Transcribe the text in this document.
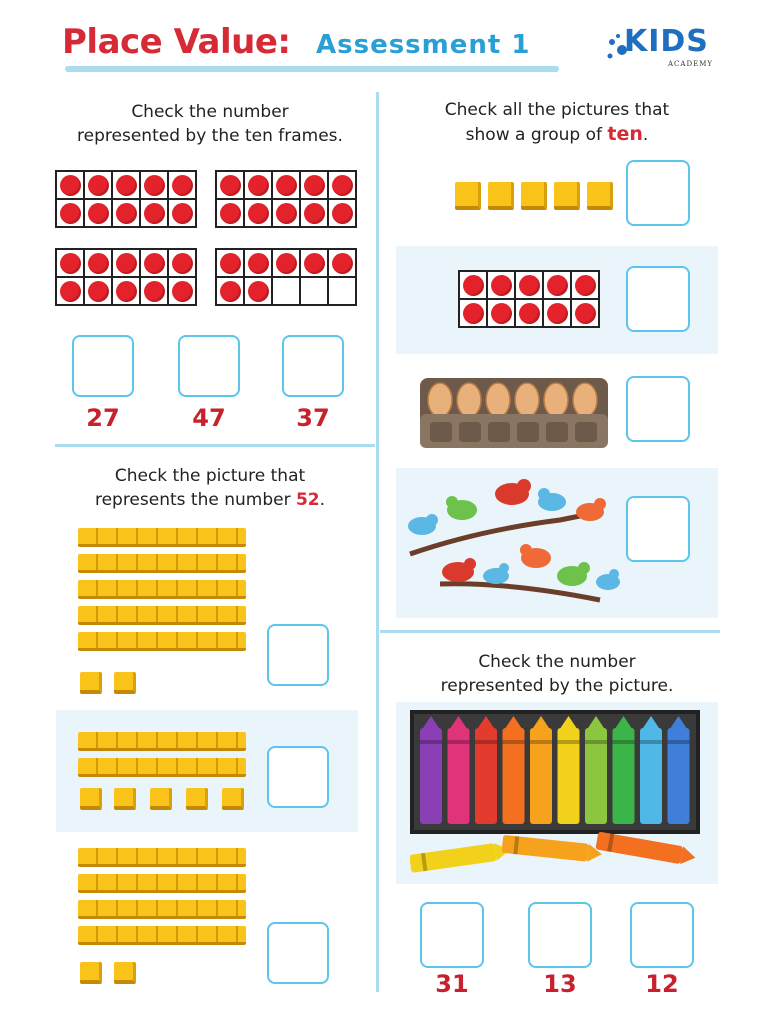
Place Value: Assessment 1	KIDS
ACADEMY
Check the number
represented by the ten frames.
27	47	37
Check the picture that
represents the number 52.
Check all the pictures that
show a group of ten.
Check the number
represented by the picture.
31	13	12
